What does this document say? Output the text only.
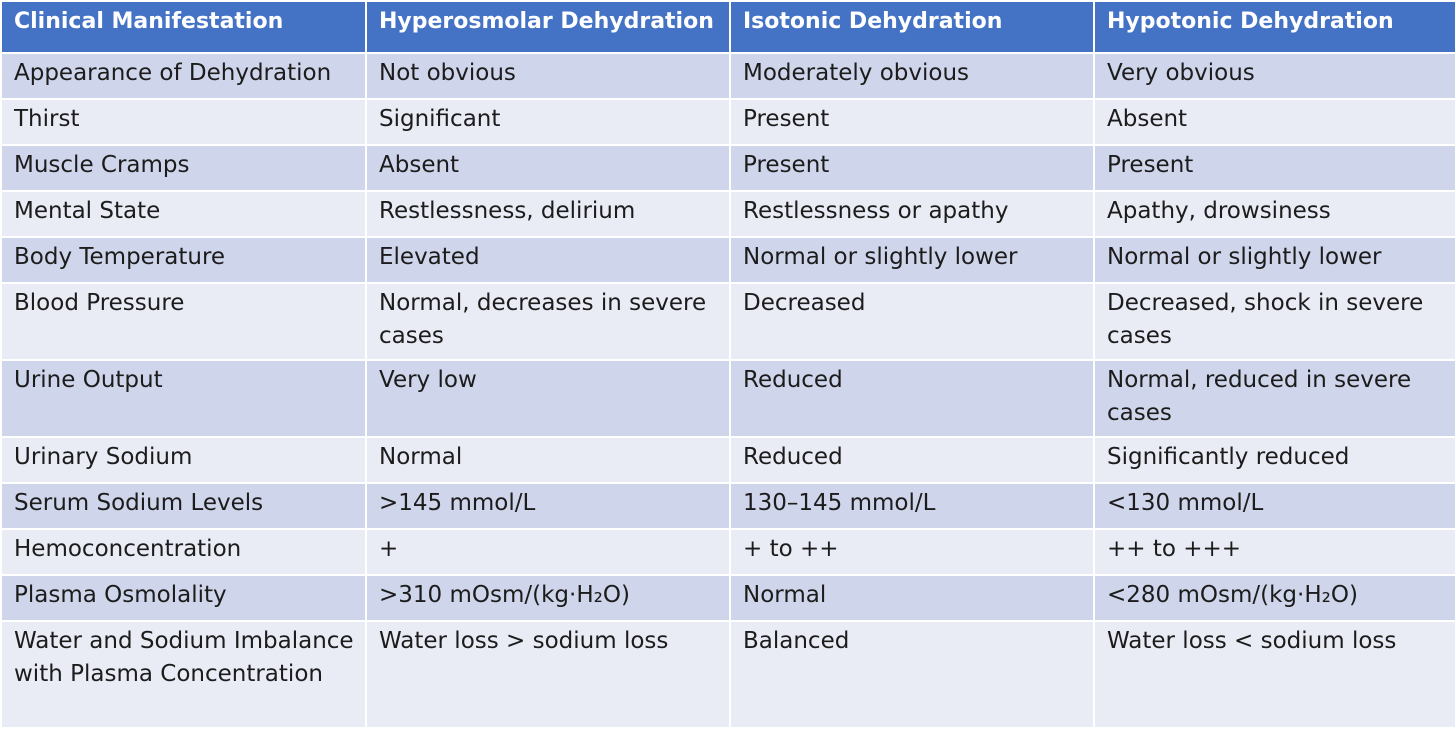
Clinical Manifestation	Hyperosmolar Dehydration	Isotonic Dehydration	Hypotonic Dehydration
Appearance of Dehydration	Not obvious	Moderately obvious	Very obvious
Thirst	Significant	Present	Absent
Muscle Cramps	Absent	Present	Present
Mental State	Restlessness, delirium	Restlessness or apathy	Apathy, drowsiness
Body Temperature	Elevated	Normal or slightly lower	Normal or slightly lower
Blood Pressure	Normal, decreases in severe cases	Decreased	Decreased, shock in severe cases
Urine Output	Very low	Reduced	Normal, reduced in severe cases
Urinary Sodium	Normal	Reduced	Significantly reduced
Serum Sodium Levels	>145 mmol/L	130–145 mmol/L	<130 mmol/L
Hemoconcentration	+	+ to ++	++ to +++
Plasma Osmolality	>310 mOsm/(kg·H₂O)	Normal	<280 mOsm/(kg·H₂O)
Water and Sodium Imbalance with Plasma Concentration	Water loss > sodium loss	Balanced	Water loss < sodium loss
